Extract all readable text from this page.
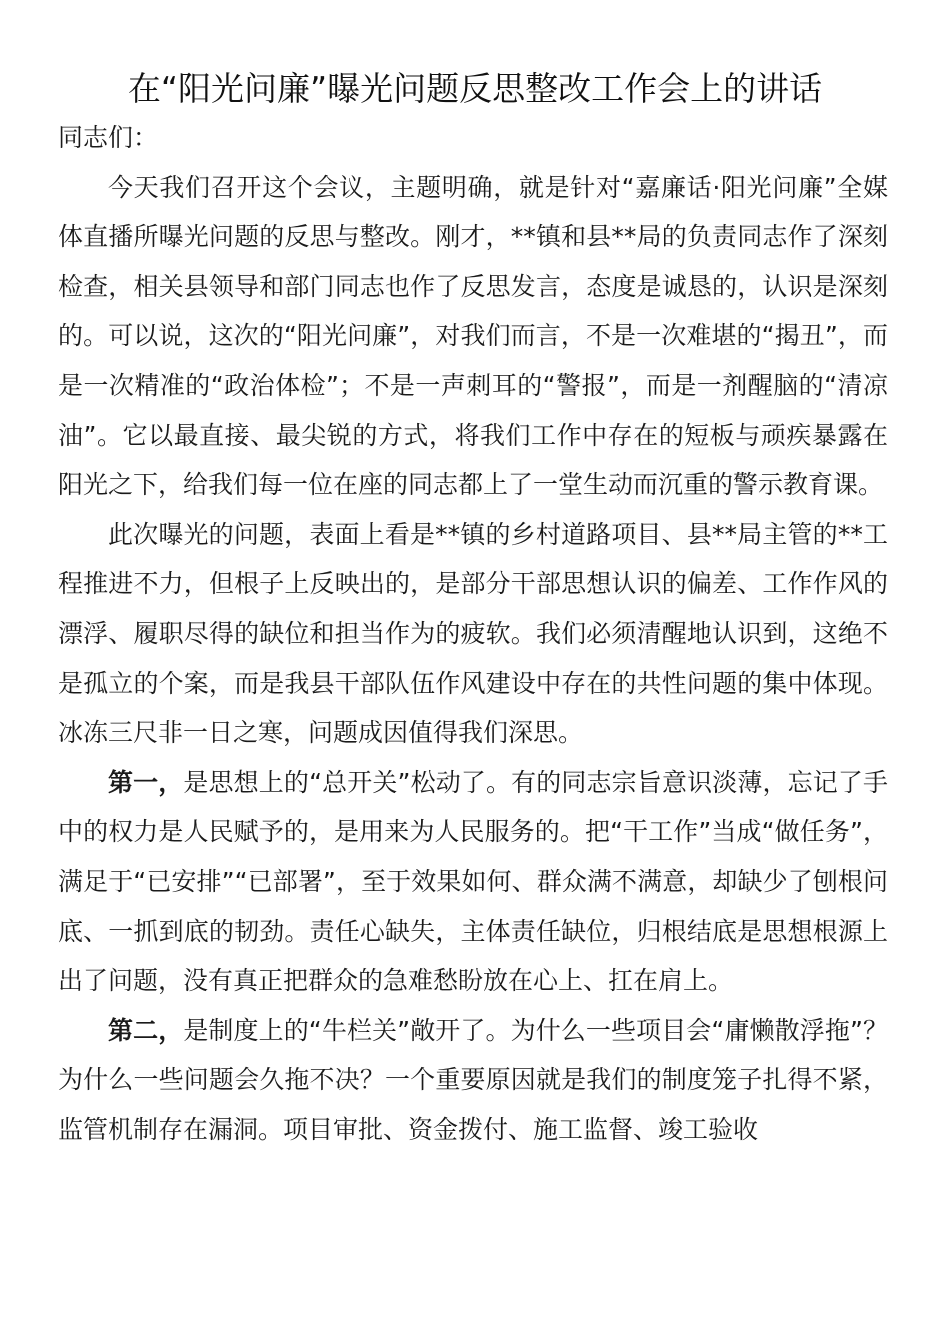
在“阳光问廉”曝光问题反思整改工作会上的讲话

同志们：

今天我们召开这个会议，主题明确，就是针对“嘉廉话·阳光问廉”全媒体直播所曝光问题的反思与整改。刚才，**镇和县**局的负责同志作了深刻检查，相关县领导和部门同志也作了反思发言，态度是诚恳的，认识是深刻的。可以说，这次的“阳光问廉”，对我们而言，不是一次难堪的“揭丑”，而是一次精准的“政治体检”；不是一声刺耳的“警报”，而是一剂醒脑的“清凉油”。它以最直接、最尖锐的方式，将我们工作中存在的短板与顽疾暴露在阳光之下，给我们每一位在座的同志都上了一堂生动而沉重的警示教育课。

此次曝光的问题，表面上看是**镇的乡村道路项目、县**局主管的**工程推进不力，但根子上反映出的，是部分干部思想认识的偏差、工作作风的漂浮、履职尽得的缺位和担当作为的疲软。我们必须清醒地认识到，这绝不是孤立的个案，而是我县干部队伍作风建设中存在的共性问题的集中体现。冰冻三尺非一日之寒，问题成因值得我们深思。

第一，是思想上的“总开关”松动了。有的同志宗旨意识淡薄，忘记了手中的权力是人民赋予的，是用来为人民服务的。把“干工作”当成“做任务”，满足于“已安排”“已部署”，至于效果如何、群众满不满意，却缺少了刨根问底、一抓到底的韧劲。责任心缺失，主体责任缺位，归根结底是思想根源上出了问题，没有真正把群众的急难愁盼放在心上、扛在肩上。

第二，是制度上的“牛栏关”敞开了。为什么一些项目会“庸懒散浮拖”？为什么一些问题会久拖不决？一个重要原因就是我们的制度笼子扎得不紧，监管机制存在漏洞。项目审批、资金拨付、施工监督、竣工验收
